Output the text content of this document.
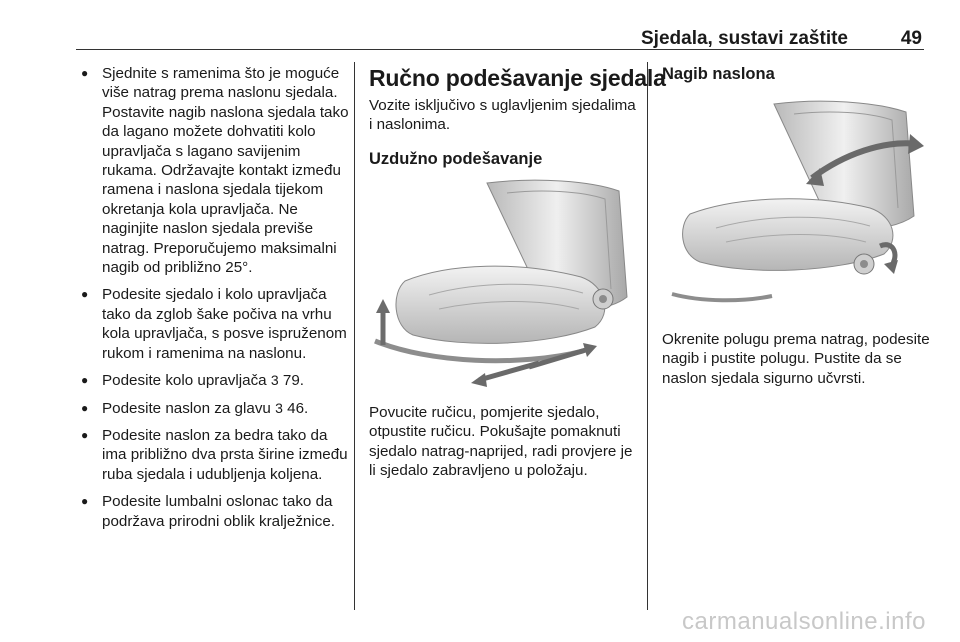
Sjedala, sustavi zaštite	49
● Sjednite s ramenima što je moguće više natrag prema naslonu sjedala. Postavite nagib naslona sjedala tako da lagano možete dohvatiti kolo upravljača s lagano savijenim rukama. Održavajte kontakt između ramena i naslona sjedala tijekom okretanja kola upravljača. Ne naginjite naslon sjedala previše natrag. Preporučujemo maksimalni nagib od približno 25°.
● Podesite sjedalo i kolo upravljača tako da zglob šake počiva na vrhu kola upravljača, s posve ispruženom rukom i ramenima na naslonu.
● Podesite kolo upravljača 3 79.
● Podesite naslon za glavu 3 46.
● Podesite naslon za bedra tako da ima približno dva prsta širine između ruba sjedala i udubljenja koljena.
● Podesite lumbalni oslonac tako da podržava prirodni oblik kralježnice.
Ručno podešavanje sjedala

Vozite isključivo s uglavljenim sjedalima i naslonima.

Uzdužno podešavanje

Povucite ručicu, pomjerite sjedalo, otpustite ručicu. Pokušajte pomaknuti sjedalo natrag-naprijed, radi provjere je li sjedalo zabravljeno u položaju.

Nagib naslona

Okrenite polugu prema natrag, podesite nagib i pustite polugu. Pustite da se naslon sjedala sigurno učvrsti.

carmanualsonline.info
